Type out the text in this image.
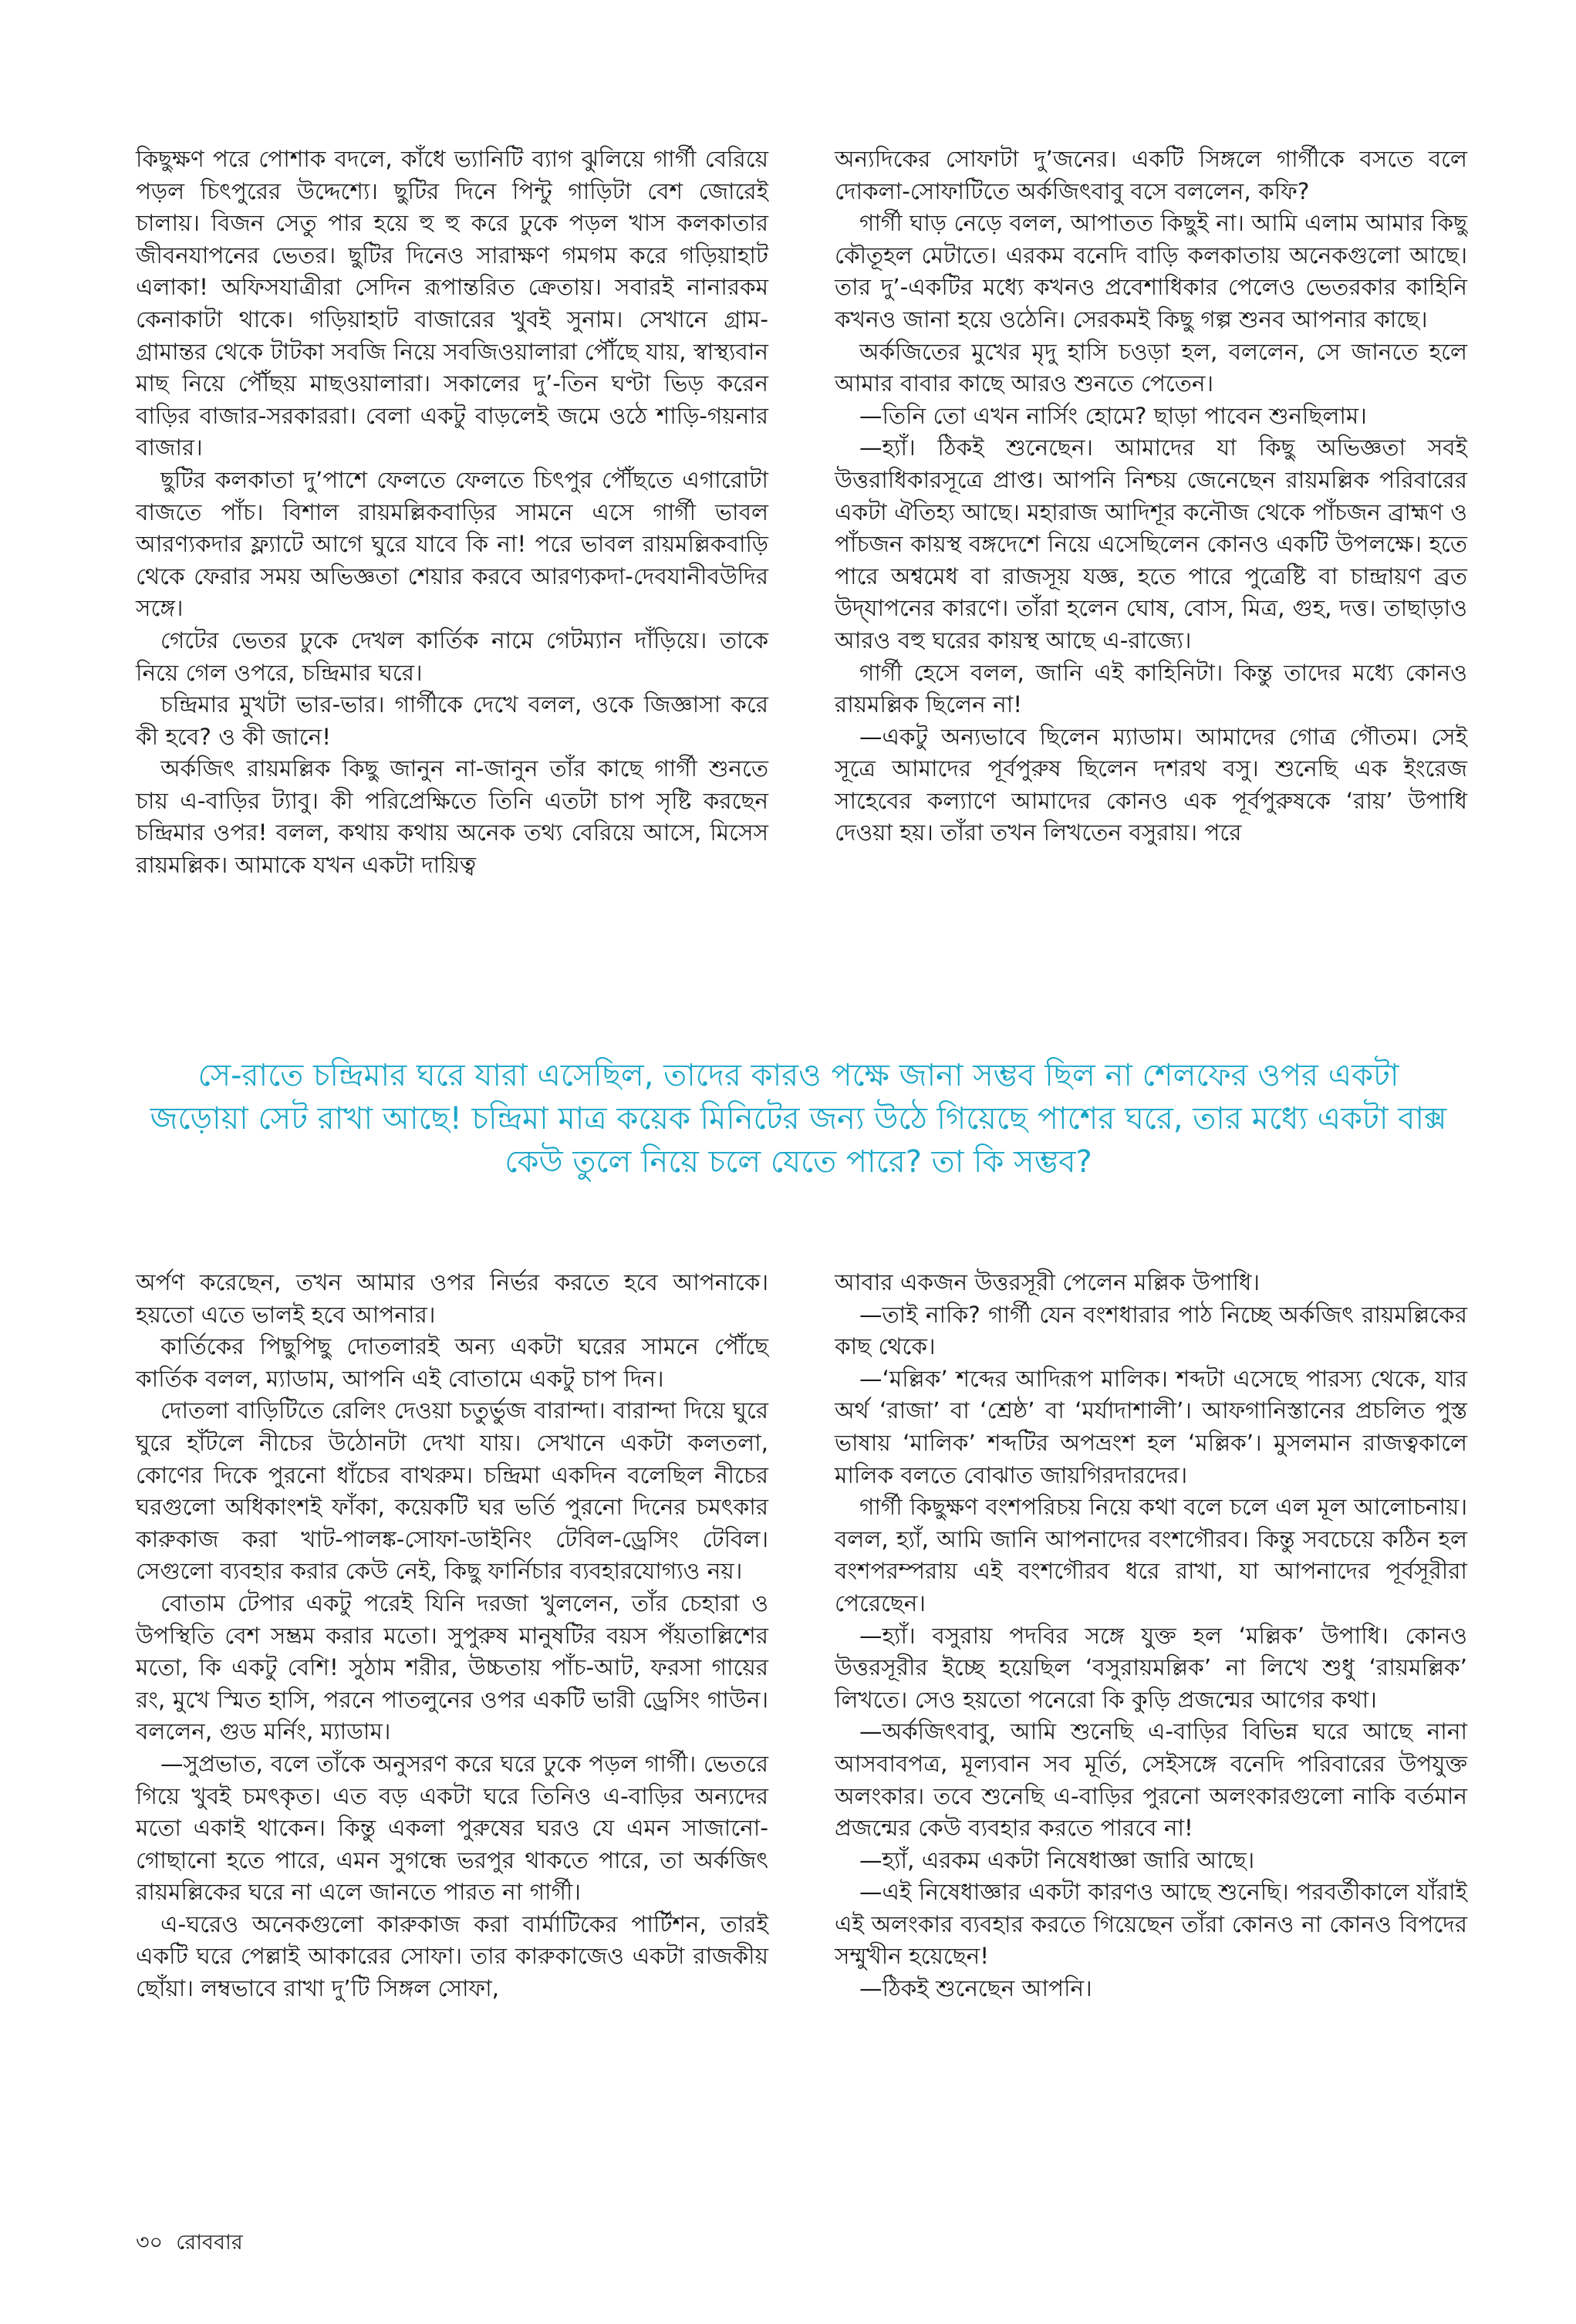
কিছুক্ষণ পরে পোশাক বদলে, কাঁধে ভ্যানিটি ব্যাগ ঝুলিয়ে গার্গী বেরিয়ে পড়ল চিৎপুরের উদ্দেশ্যে। ছুটির দিনে পিন্টু গাড়িটা বেশ জোরেই চালায়। বিজন সেতু পার হয়ে হু হু করে ঢুকে পড়ল খাস কলকাতার জীবনযাপনের ভেতর। ছুটির দিনেও সারাক্ষণ গমগম করে গড়িয়াহাট এলাকা! অফিসযাত্রীরা সেদিন রূপান্তরিত ক্রেতায়। সবারই নানারকম কেনাকাটা থাকে। গড়িয়াহাট বাজারের খুবই সুনাম। সেখানে গ্রাম-গ্রামান্তর থেকে টাটকা সবজি নিয়ে সবজিওয়ালারা পৌঁছে যায়, স্বাস্থ্যবান মাছ নিয়ে পৌঁছয় মাছওয়ালারা। সকালের দু’-তিন ঘণ্টা ভিড় করেন বাড়ির বাজার-সরকাররা। বেলা একটু বাড়লেই জমে ওঠে শাড়ি-গয়নার বাজার।

ছুটির কলকাতা দু’পাশে ফেলতে ফেলতে চিৎপুর পৌঁছতে এগারোটা বাজতে পাঁচ। বিশাল রায়মল্লিকবাড়ির সামনে এসে গার্গী ভাবল আরণ্যকদার ফ্ল্যাটে আগে ঘুরে যাবে কি না! পরে ভাবল রায়মল্লিকবাড়ি থেকে ফেরার সময় অভিজ্ঞতা শেয়ার করবে আরণ্যকদা-দেবযানীবউদির সঙ্গে।

গেটের ভেতর ঢুকে দেখল কার্তিক নামে গেটম্যান দাঁড়িয়ে। তাকে নিয়ে গেল ওপরে, চন্দ্রিমার ঘরে।

চন্দ্রিমার মুখটা ভার-ভার। গার্গীকে দেখে বলল, ওকে জিজ্ঞাসা করে কী হবে? ও কী জানে!

অর্কজিৎ রায়মল্লিক কিছু জানুন না-জানুন তাঁর কাছে গার্গী শুনতে চায় এ-বাড়ির ট্যাবু। কী পরিপ্রেক্ষিতে তিনি এতটা চাপ সৃষ্টি করছেন চন্দ্রিমার ওপর! বলল, কথায় কথায় অনেক তথ্য বেরিয়ে আসে, মিসেস রায়মল্লিক। আমাকে যখন একটা দায়িত্ব

অন্যদিকের সোফাটা দু’জনের। একটি সিঙ্গলে গার্গীকে বসতে বলে দোকলা-সোফাটিতে অর্কজিৎবাবু বসে বললেন, কফি?

গার্গী ঘাড় নেড়ে বলল, আপাতত কিছুই না। আমি এলাম আমার কিছু কৌতূহল মেটাতে। এরকম বনেদি বাড়ি কলকাতায় অনেকগুলো আছে। তার দু’-একটির মধ্যে কখনও প্রবেশাধিকার পেলেও ভেতরকার কাহিনি কখনও জানা হয়ে ওঠেনি। সেরকমই কিছু গল্প শুনব আপনার কাছে।

অর্কজিতের মুখের মৃদু হাসি চওড়া হল, বললেন, সে জানতে হলে আমার বাবার কাছে আরও শুনতে পেতেন।

—তিনি তো এখন নার্সিং হোমে? ছাড়া পাবেন শুনছিলাম।

—হ্যাঁ। ঠিকই শুনেছেন। আমাদের যা কিছু অভিজ্ঞতা সবই উত্তরাধিকারসূত্রে প্রাপ্ত। আপনি নিশ্চয় জেনেছেন রায়মল্লিক পরিবারের একটা ঐতিহ্য আছে। মহারাজ আদিশূর কনৌজ থেকে পাঁচজন ব্রাহ্মণ ও পাঁচজন কায়স্থ বঙ্গদেশে নিয়ে এসেছিলেন কোনও একটি উপলক্ষে। হতে পারে অশ্বমেধ বা রাজসূয় যজ্ঞ, হতে পারে পুত্রেষ্টি বা চান্দ্রায়ণ ব্রত উদ্‌যাপনের কারণে। তাঁরা হলেন ঘোষ, বোস, মিত্র, গুহ, দত্ত। তাছাড়াও আরও বহু ঘরের কায়স্থ আছে এ-রাজ্যে।

গার্গী হেসে বলল, জানি এই কাহিনিটা। কিন্তু তাদের মধ্যে কোনও রায়মল্লিক ছিলেন না!

—একটু অন্যভাবে ছিলেন ম্যাডাম। আমাদের গোত্র গৌতম। সেই সূত্রে আমাদের পূর্বপুরুষ ছিলেন দশরথ বসু। শুনেছি এক ইংরেজ সাহেবের কল্যাণে আমাদের কোনও এক পূর্বপুরুষকে ‘রায়’ উপাধি দেওয়া হয়। তাঁরা তখন লিখতেন বসুরায়। পরে

সে-রাতে চন্দ্রিমার ঘরে যারা এসেছিল, তাদের কারও পক্ষে জানা সম্ভব ছিল না শেলফের ওপর একটা জড়োয়া সেট রাখা আছে! চন্দ্রিমা মাত্র কয়েক মিনিটের জন্য উঠে গিয়েছে পাশের ঘরে, তার মধ্যে একটা বাক্স কেউ তুলে নিয়ে চলে যেতে পারে? তা কি সম্ভব?

অর্পণ করেছেন, তখন আমার ওপর নির্ভর করতে হবে আপনাকে। হয়তো এতে ভালই হবে আপনার।

কার্তিকের পিছুপিছু দোতলারই অন্য একটা ঘরের সামনে পৌঁছে কার্তিক বলল, ম্যাডাম, আপনি এই বোতামে একটু চাপ দিন।

দোতলা বাড়িটিতে রেলিং দেওয়া চতুর্ভুজ বারান্দা। বারান্দা দিয়ে ঘুরে ঘুরে হাঁটলে নীচের উঠোনটা দেখা যায়। সেখানে একটা কলতলা, কোণের দিকে পুরনো ধাঁচের বাথরুম। চন্দ্রিমা একদিন বলেছিল নীচের ঘরগুলো অধিকাংশই ফাঁকা, কয়েকটি ঘর ভর্তি পুরনো দিনের চমৎকার কারুকাজ করা খাট-পালঙ্ক-সোফা-ডাইনিং টেবিল-ড্রেসিং টেবিল। সেগুলো ব্যবহার করার কেউ নেই, কিছু ফার্নিচার ব্যবহারযোগ্যও নয়।

বোতাম টেপার একটু পরেই যিনি দরজা খুললেন, তাঁর চেহারা ও উপস্থিতি বেশ সম্ভ্রম করার মতো। সুপুরুষ মানুষটির বয়স পঁয়তাল্লিশের মতো, কি একটু বেশি! সুঠাম শরীর, উচ্চতায় পাঁচ-আট, ফরসা গায়ের রং, মুখে স্মিত হাসি, পরনে পাতলুনের ওপর একটি ভারী ড্রেসিং গাউন। বললেন, গুড মর্নিং, ম্যাডাম।

—সুপ্রভাত, বলে তাঁকে অনুসরণ করে ঘরে ঢুকে পড়ল গার্গী। ভেতরে গিয়ে খুবই চমৎকৃত। এত বড় একটা ঘরে তিনিও এ-বাড়ির অন্যদের মতো একাই থাকেন। কিন্তু একলা পুরুষের ঘরও যে এমন সাজানো-গোছানো হতে পারে, এমন সুগন্ধে ভরপুর থাকতে পারে, তা অর্কজিৎ রায়মল্লিকের ঘরে না এলে জানতে পারত না গার্গী।

এ-ঘরেও অনেকগুলো কারুকাজ করা বার্মাটিকের পার্টিশন, তারই একটি ঘরে পেল্লাই আকারের সোফা। তার কারুকাজেও একটা রাজকীয় ছোঁয়া। লম্বভাবে রাখা দু’টি সিঙ্গল সোফা,

আবার একজন উত্তরসূরী পেলেন মল্লিক উপাধি।

—তাই নাকি? গার্গী যেন বংশধারার পাঠ নিচ্ছে অর্কজিৎ রায়মল্লিকের কাছ থেকে।

—‘মল্লিক’ শব্দের আদিরূপ মালিক। শব্দটা এসেছে পারস্য থেকে, যার অর্থ ‘রাজা’ বা ‘শ্রেষ্ঠ’ বা ‘মর্যাদাশালী’। আফগানিস্তানের প্রচলিত পুস্ত ভাষায় ‘মালিক’ শব্দটির অপভ্রংশ হল ‘মল্লিক’। মুসলমান রাজত্বকালে মালিক বলতে বোঝাত জায়গিরদারদের।

গার্গী কিছুক্ষণ বংশপরিচয় নিয়ে কথা বলে চলে এল মূল আলোচনায়। বলল, হ্যাঁ, আমি জানি আপনাদের বংশগৌরব। কিন্তু সবচেয়ে কঠিন হল বংশপরম্পরায় এই বংশগৌরব ধরে রাখা, যা আপনাদের পূর্বসূরীরা পেরেছেন।

—হ্যাঁ। বসুরায় পদবির সঙ্গে যুক্ত হল ‘মল্লিক’ উপাধি। কোনও উত্তরসূরীর ইচ্ছে হয়েছিল ‘বসুরায়মল্লিক’ না লিখে শুধু ‘রায়মল্লিক’ লিখতে। সেও হয়তো পনেরো কি কুড়ি প্রজন্মের আগের কথা।

—অর্কজিৎবাবু, আমি শুনেছি এ-বাড়ির বিভিন্ন ঘরে আছে নানা আসবাবপত্র, মূল্যবান সব মূর্তি, সেইসঙ্গে বনেদি পরিবারের উপযুক্ত অলংকার। তবে শুনেছি এ-বাড়ির পুরনো অলংকারগুলো নাকি বর্তমান প্রজন্মের কেউ ব্যবহার করতে পারবে না!

—হ্যাঁ, এরকম একটা নিষেধাজ্ঞা জারি আছে।

—এই নিষেধাজ্ঞার একটা কারণও আছে শুনেছি। পরবর্তীকালে যাঁরাই এই অলংকার ব্যবহার করতে গিয়েছেন তাঁরা কোনও না কোনও বিপদের সম্মুখীন হয়েছেন!

—ঠিকই শুনেছেন আপনি।

৩০ রোববার
